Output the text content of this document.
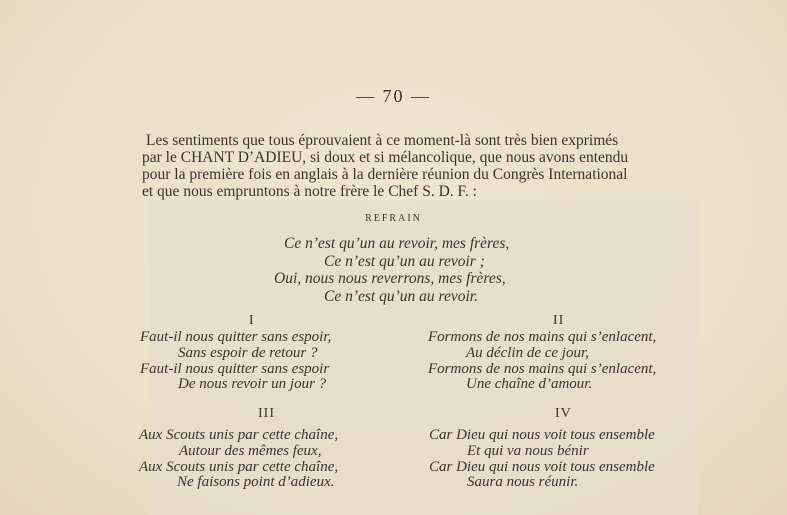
— 70 —
Les sentiments que tous éprouvaient à ce moment-là sont très bien exprimés
par le CHANT D’ADIEU, si doux et si mélancolique, que nous avons entendu
pour la première fois en anglais à la dernière réunion du Congrès International
et que nous empruntons à notre frère le Chef S. D. F. :
REFRAIN
Ce n’est qu’un au revoir, mes frères,
Ce n’est qu’un au revoir ;
Oui, nous nous reverrons, mes frères,
Ce n’est qu’un au revoir.
I
Faut-il nous quitter sans espoir,
Sans espoir de retour ?
Faut-il nous quitter sans espoir
De nous revoir un jour ?
II
Formons de nos mains qui s’enlacent,
Au déclin de ce jour,
Formons de nos mains qui s’enlacent,
Une chaîne d’amour.
III
Aux Scouts unis par cette chaîne,
Autour des mêmes feux,
Aux Scouts unis par cette chaîne,
Ne faisons point d’adieux.
IV
Car Dieu qui nous voit tous ensemble
Et qui va nous bénir
Car Dieu qui nous voit tous ensemble
Saura nous réunir.
